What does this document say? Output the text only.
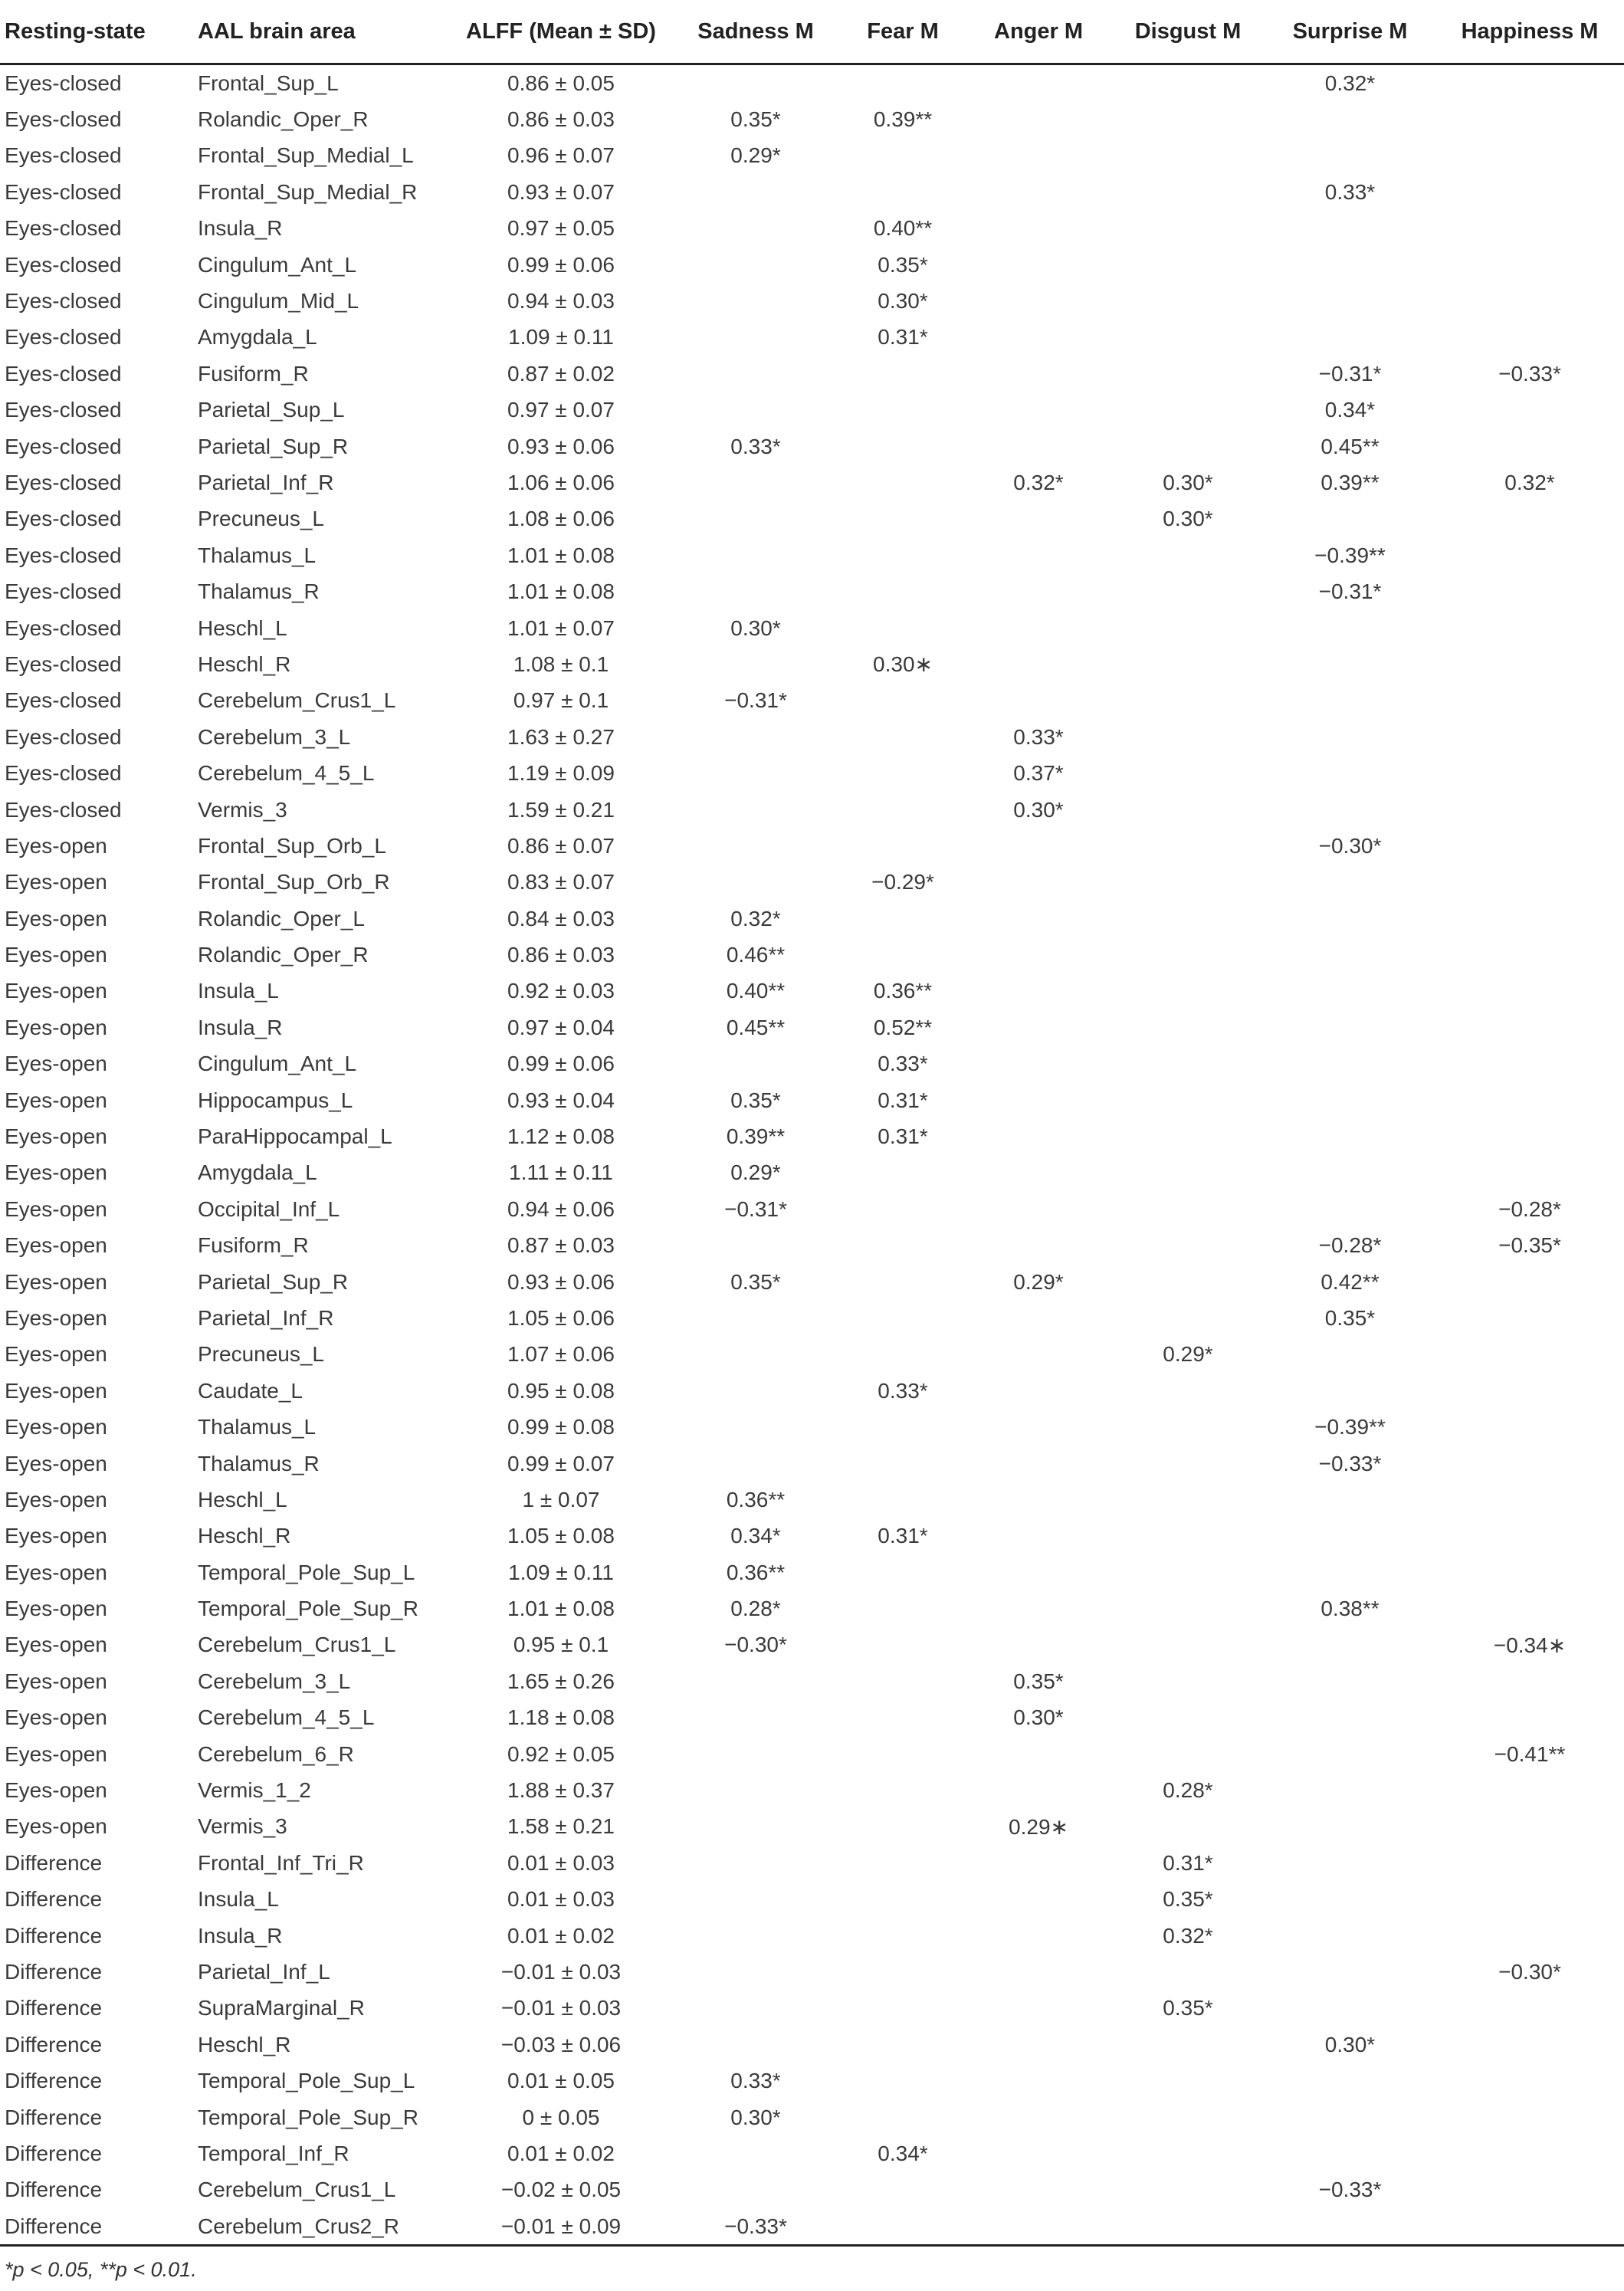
Resting-state	AAL brain area	ALFF (Mean ± SD)	Sadness M	Fear M	Anger M	Disgust M	Surprise M	Happiness M
Eyes-closed	Frontal_Sup_L	0.86 ± 0.05					0.32*	
Eyes-closed	Rolandic_Oper_R	0.86 ± 0.03	0.35*	0.39**				
Eyes-closed	Frontal_Sup_Medial_L	0.96 ± 0.07	0.29*					
Eyes-closed	Frontal_Sup_Medial_R	0.93 ± 0.07					0.33*	
Eyes-closed	Insula_R	0.97 ± 0.05		0.40**				
Eyes-closed	Cingulum_Ant_L	0.99 ± 0.06		0.35*				
Eyes-closed	Cingulum_Mid_L	0.94 ± 0.03		0.30*				
Eyes-closed	Amygdala_L	1.09 ± 0.11		0.31*				
Eyes-closed	Fusiform_R	0.87 ± 0.02					−0.31*	−0.33*
Eyes-closed	Parietal_Sup_L	0.97 ± 0.07					0.34*	
Eyes-closed	Parietal_Sup_R	0.93 ± 0.06	0.33*				0.45**	
Eyes-closed	Parietal_Inf_R	1.06 ± 0.06			0.32*	0.30*	0.39**	0.32*
Eyes-closed	Precuneus_L	1.08 ± 0.06				0.30*		
Eyes-closed	Thalamus_L	1.01 ± 0.08					−0.39**	
Eyes-closed	Thalamus_R	1.01 ± 0.08					−0.31*	
Eyes-closed	Heschl_L	1.01 ± 0.07	0.30*					
Eyes-closed	Heschl_R	1.08 ± 0.1		0.30∗				
Eyes-closed	Cerebelum_Crus1_L	0.97 ± 0.1	−0.31*					
Eyes-closed	Cerebelum_3_L	1.63 ± 0.27			0.33*			
Eyes-closed	Cerebelum_4_5_L	1.19 ± 0.09			0.37*			
Eyes-closed	Vermis_3	1.59 ± 0.21			0.30*			
Eyes-open	Frontal_Sup_Orb_L	0.86 ± 0.07					−0.30*	
Eyes-open	Frontal_Sup_Orb_R	0.83 ± 0.07		−0.29*				
Eyes-open	Rolandic_Oper_L	0.84 ± 0.03	0.32*					
Eyes-open	Rolandic_Oper_R	0.86 ± 0.03	0.46**					
Eyes-open	Insula_L	0.92 ± 0.03	0.40**	0.36**				
Eyes-open	Insula_R	0.97 ± 0.04	0.45**	0.52**				
Eyes-open	Cingulum_Ant_L	0.99 ± 0.06		0.33*				
Eyes-open	Hippocampus_L	0.93 ± 0.04	0.35*	0.31*				
Eyes-open	ParaHippocampal_L	1.12 ± 0.08	0.39**	0.31*				
Eyes-open	Amygdala_L	1.11 ± 0.11	0.29*					
Eyes-open	Occipital_Inf_L	0.94 ± 0.06	−0.31*					−0.28*
Eyes-open	Fusiform_R	0.87 ± 0.03					−0.28*	−0.35*
Eyes-open	Parietal_Sup_R	0.93 ± 0.06	0.35*		0.29*		0.42**	
Eyes-open	Parietal_Inf_R	1.05 ± 0.06					0.35*	
Eyes-open	Precuneus_L	1.07 ± 0.06				0.29*		
Eyes-open	Caudate_L	0.95 ± 0.08		0.33*				
Eyes-open	Thalamus_L	0.99 ± 0.08					−0.39**	
Eyes-open	Thalamus_R	0.99 ± 0.07					−0.33*	
Eyes-open	Heschl_L	1 ± 0.07	0.36**					
Eyes-open	Heschl_R	1.05 ± 0.08	0.34*	0.31*				
Eyes-open	Temporal_Pole_Sup_L	1.09 ± 0.11	0.36**					
Eyes-open	Temporal_Pole_Sup_R	1.01 ± 0.08	0.28*				0.38**	
Eyes-open	Cerebelum_Crus1_L	0.95 ± 0.1	−0.30*					−0.34∗
Eyes-open	Cerebelum_3_L	1.65 ± 0.26			0.35*			
Eyes-open	Cerebelum_4_5_L	1.18 ± 0.08			0.30*			
Eyes-open	Cerebelum_6_R	0.92 ± 0.05						−0.41**
Eyes-open	Vermis_1_2	1.88 ± 0.37				0.28*		
Eyes-open	Vermis_3	1.58 ± 0.21			0.29∗			
Difference	Frontal_Inf_Tri_R	0.01 ± 0.03				0.31*		
Difference	Insula_L	0.01 ± 0.03				0.35*		
Difference	Insula_R	0.01 ± 0.02				0.32*		
Difference	Parietal_Inf_L	−0.01 ± 0.03						−0.30*
Difference	SupraMarginal_R	−0.01 ± 0.03				0.35*		
Difference	Heschl_R	−0.03 ± 0.06					0.30*	
Difference	Temporal_Pole_Sup_L	0.01 ± 0.05	0.33*					
Difference	Temporal_Pole_Sup_R	0 ± 0.05	0.30*					
Difference	Temporal_Inf_R	0.01 ± 0.02		0.34*				
Difference	Cerebelum_Crus1_L	−0.02 ± 0.05					−0.33*	
Difference	Cerebelum_Crus2_R	−0.01 ± 0.09	−0.33*					
*p < 0.05, **p < 0.01.
